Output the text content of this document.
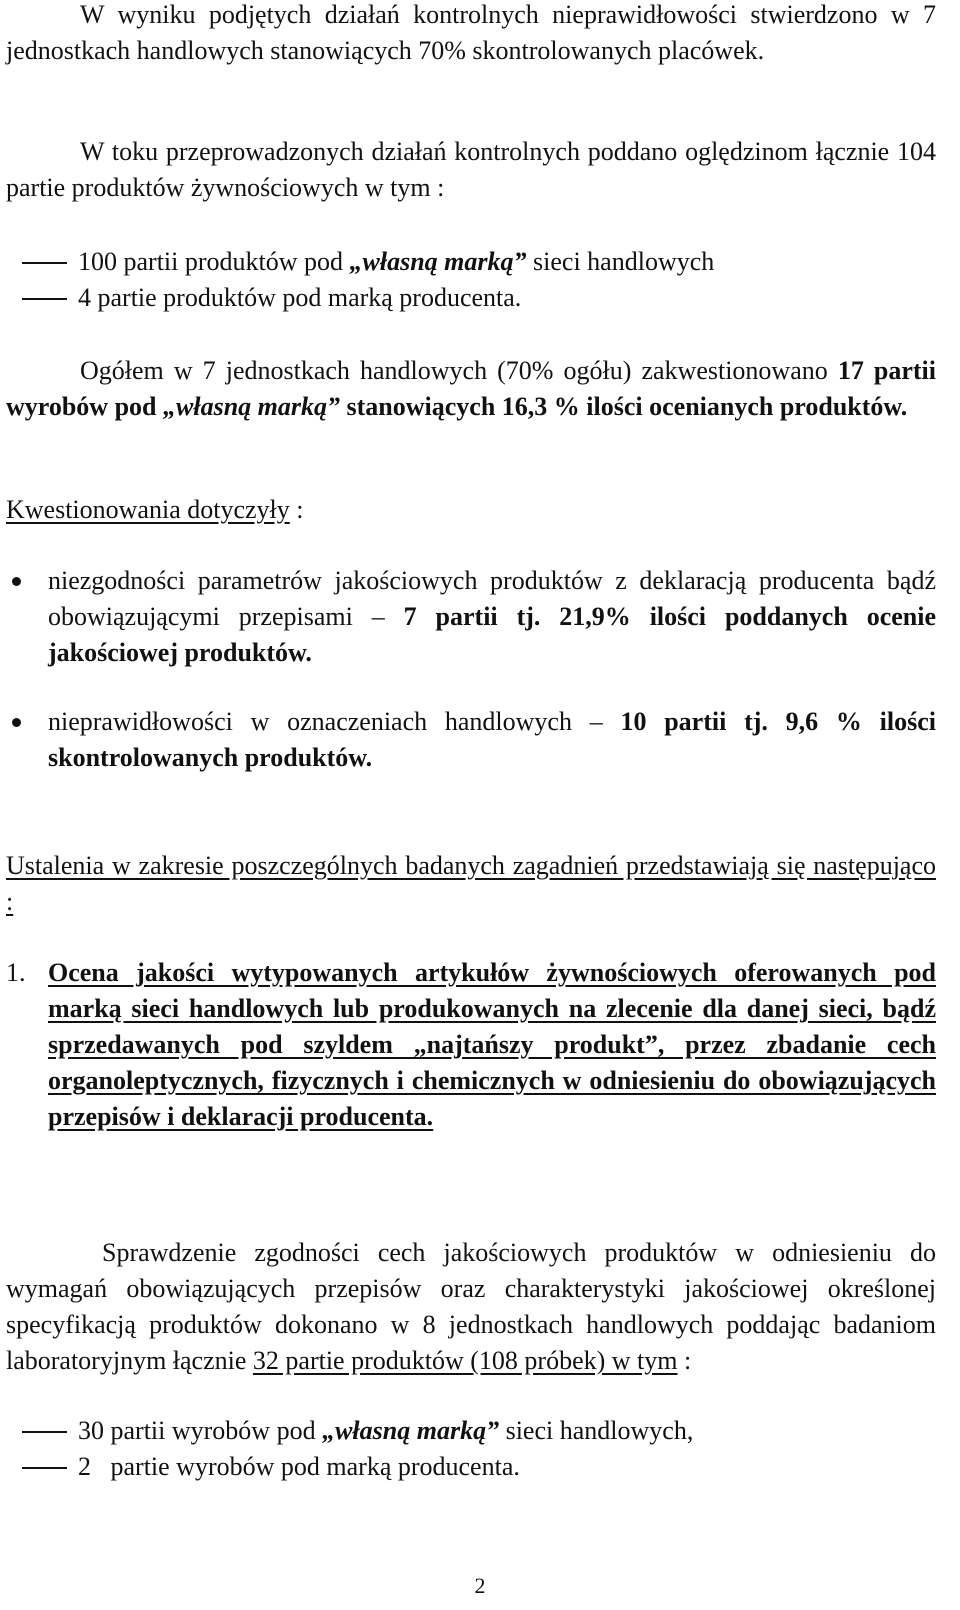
W wyniku podjętych działań kontrolnych nieprawidłowości stwierdzono w 7 jednostkach handlowych stanowiących 70% skontrolowanych placówek.

W toku przeprowadzonych działań kontrolnych poddano oględzinom łącznie 104 partie produktów żywnościowych w tym :

100 partii produktów pod „własną marką” sieci handlowych

4 partie produktów pod marką producenta.

Ogółem w 7 jednostkach handlowych (70% ogółu) zakwestionowano 17 partii wyrobów pod „własną marką” stanowiących 16,3 % ilości ocenianych produktów.

Kwestionowania dotyczyły :

niezgodności parametrów jakościowych produktów z deklaracją producenta bądź obowiązującymi przepisami – 7 partii tj. 21,9% ilości poddanych ocenie jakościowej produktów.

nieprawidłowości w oznaczeniach handlowych – 10 partii tj. 9,6 % ilości skontrolowanych produktów.

Ustalenia w zakresie poszczególnych badanych zagadnień przedstawiają się następująco :

1. Ocena jakości wytypowanych artykułów żywnościowych oferowanych pod marką sieci handlowych lub produkowanych na zlecenie dla danej sieci, bądź sprzedawanych pod szyldem „najtańszy produkt”, przez zbadanie cech organoleptycznych, fizycznych i chemicznych w odniesieniu do obowiązujących przepisów i deklaracji producenta.

Sprawdzenie zgodności cech jakościowych produktów w odniesieniu do wymagań obowiązujących przepisów oraz charakterystyki jakościowej określonej specyfikacją produktów dokonano w 8 jednostkach handlowych poddając badaniom laboratoryjnym łącznie 32 partie produktów (108 próbek) w tym :

30 partii wyrobów pod „własną marką” sieci handlowych,

2   partie wyrobów pod marką producenta.

2
